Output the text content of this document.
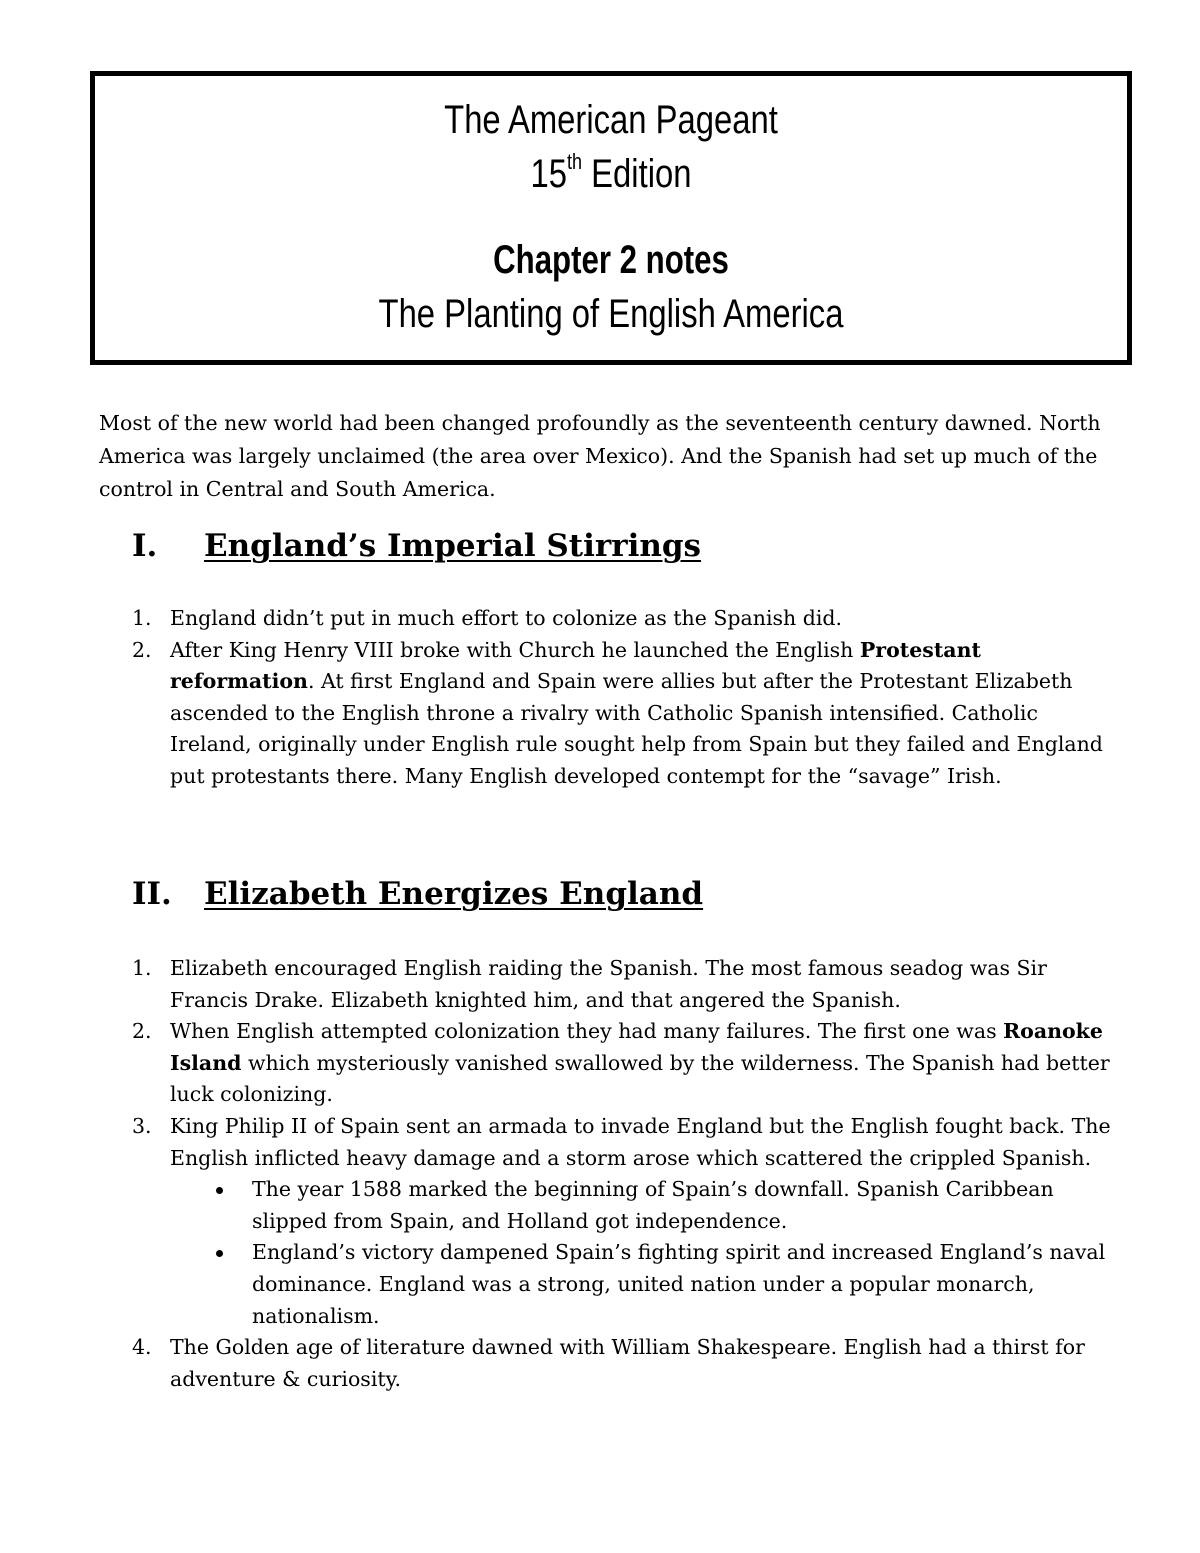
The American Pageant
15th Edition
Chapter 2 notes
The Planting of English America

Most of the new world had been changed profoundly as the seventeenth century dawned. North America was largely unclaimed (the area over Mexico). And the Spanish had set up much of the control in Central and South America.

I. England’s Imperial Stirrings
1. England didn’t put in much effort to colonize as the Spanish did.
2. After King Henry VIII broke with Church he launched the English Protestant reformation. At first England and Spain were allies but after the Protestant Elizabeth ascended to the English throne a rivalry with Catholic Spanish intensified. Catholic Ireland, originally under English rule sought help from Spain but they failed and England put protestants there. Many English developed contempt for the “savage” Irish.
II. Elizabeth Energizes England
1. Elizabeth encouraged English raiding the Spanish. The most famous seadog was Sir Francis Drake. Elizabeth knighted him, and that angered the Spanish.
2. When English attempted colonization they had many failures. The first one was Roanoke Island which mysteriously vanished swallowed by the wilderness. The Spanish had better luck colonizing.
3. King Philip II of Spain sent an armada to invade England but the English fought back. The English inflicted heavy damage and a storm arose which scattered the crippled Spanish.
The year 1588 marked the beginning of Spain’s downfall. Spanish Caribbean slipped from Spain, and Holland got independence.
England’s victory dampened Spain’s fighting spirit and increased England’s naval dominance. England was a strong, united nation under a popular monarch, nationalism.
4. The Golden age of literature dawned with William Shakespeare. English had a thirst for adventure & curiosity.
